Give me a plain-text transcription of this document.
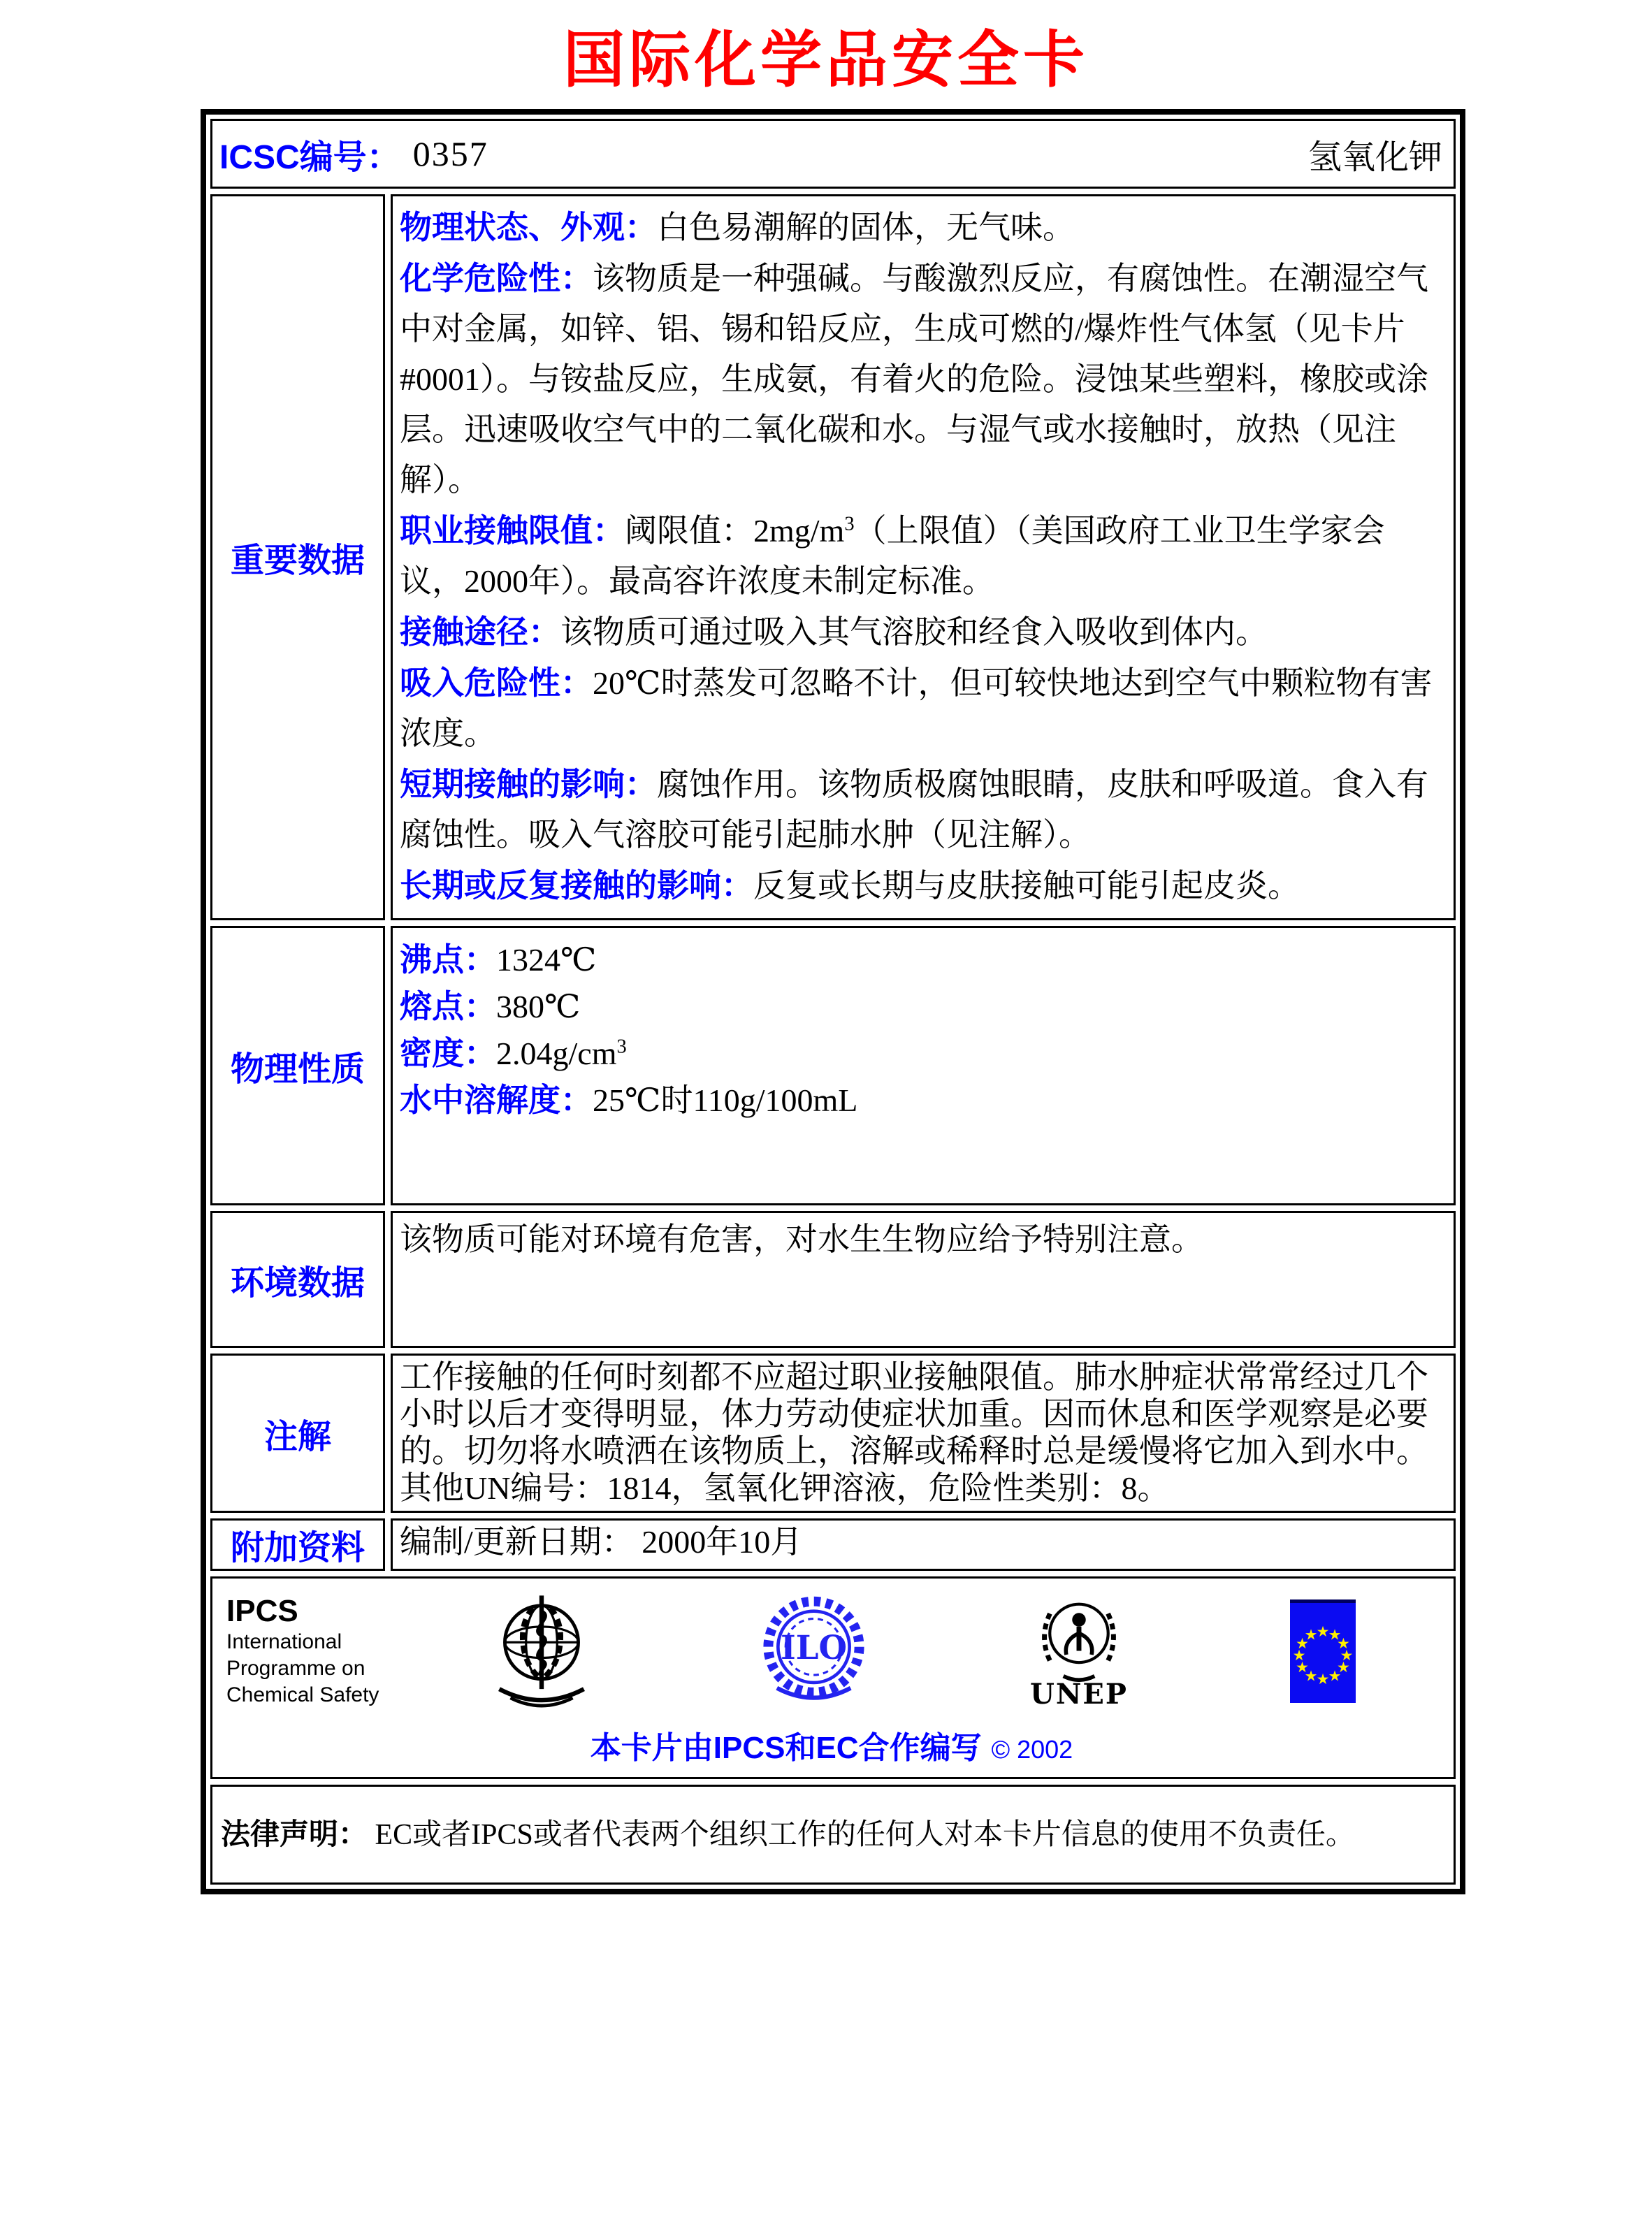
国际化学品安全卡
ICSC编号： 0357	氢氧化钾
重要数据

物理状态、外观：白色易潮解的固体，无气味。

化学危险性：该物质是一种强碱。与酸激烈反应，有腐蚀性。在潮湿空气中对金属，如锌、铝、锡和铅反应，生成可燃的/爆炸性气体氢（见卡片#0001）。与铵盐反应，生成氨，有着火的危险。浸蚀某些塑料，橡胶或涂层。迅速吸收空气中的二氧化碳和水。与湿气或水接触时，放热（见注解）。

职业接触限值：阈限值：$2mg/m^3$（上限值）（美国政府工业卫生学家会议，2000年）。最高容许浓度未制定标准。

接触途径：该物质可通过吸入其气溶胶和经食入吸收到体内。

吸入危险性：20℃时蒸发可忽略不计，但可较快地达到空气中颗粒物有害浓度。

短期接触的影响：腐蚀作用。该物质极腐蚀眼睛，皮肤和呼吸道。食入有腐蚀性。吸入气溶胶可能引起肺水肿（见注解）。

长期或反复接触的影响：反复或长期与皮肤接触可能引起皮炎。

物理性质

沸点：1324℃

熔点：380℃

密度：$2.04g/cm^3$

水中溶解度：25℃时110g/100mL

环境数据

该物质可能对环境有危害，对水生生物应给予特别注意。

注解

工作接触的任何时刻都不应超过职业接触限值。肺水肿症状常常经过几个小时以后才变得明显，体力劳动使症状加重。因而休息和医学观察是必要的。切勿将水喷洒在该物质上，溶解或稀释时总是缓慢将它加入到水中。其他UN编号：1814，氢氧化钾溶液，危险性类别：8。

附加资料	编制/更新日期： 2000年10月

IPCS
International
Programme on
Chemical Safety
ILO
UNEP
★
★
★
★
★
★
★
★
★
★
★
★
本卡片由IPCS和EC合作编写 © 2002
法律声明： EC或者IPCS或者代表两个组织工作的任何人对本卡片信息的使用不负责任。
